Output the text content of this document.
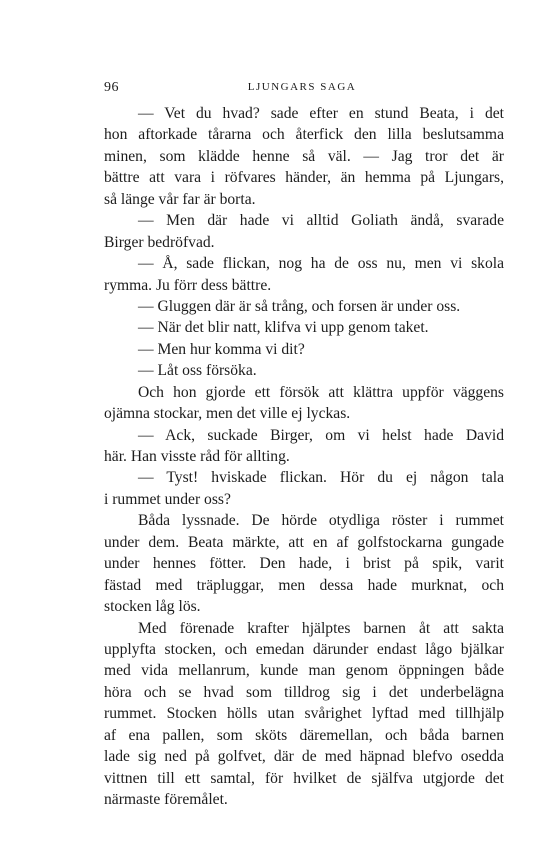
96	LJUNGARS SAGA
— Vet du hvad? sade efter en stund Beata, i det
hon aftorkade tårarna och återfick den lilla beslutsamma
minen, som klädde henne så väl. — Jag tror det är
bättre att vara i röfvares händer, än hemma på Ljungars,
så länge vår far är borta.
— Men där hade vi alltid Goliath ändå, svarade
Birger bedröfvad.
— Å, sade flickan, nog ha de oss nu, men vi skola
rymma. Ju förr dess bättre.
— Gluggen där är så trång, och forsen är under oss.
— När det blir natt, klifva vi upp genom taket.
— Men hur komma vi dit?
— Låt oss försöka.
Och hon gjorde ett försök att klättra uppför väggens
ojämna stockar, men det ville ej lyckas.
— Ack, suckade Birger, om vi helst hade David
här. Han visste råd för allting.
— Tyst! hviskade flickan. Hör du ej någon tala
i rummet under oss?
Båda lyssnade. De hörde otydliga röster i rummet
under dem. Beata märkte, att en af golfstockarna gungade
under hennes fötter. Den hade, i brist på spik, varit
fästad med träpluggar, men dessa hade murknat, och
stocken låg lös.
Med förenade krafter hjälptes barnen åt att sakta
upplyfta stocken, och emedan därunder endast lågo bjälkar
med vida mellanrum, kunde man genom öppningen både
höra och se hvad som tilldrog sig i det underbelägna
rummet. Stocken hölls utan svårighet lyftad med tillhjälp
af ena pallen, som sköts däremellan, och båda barnen
lade sig ned på golfvet, där de med häpnad blefvo osedda
vittnen till ett samtal, för hvilket de själfva utgjorde det
närmaste föremålet.
